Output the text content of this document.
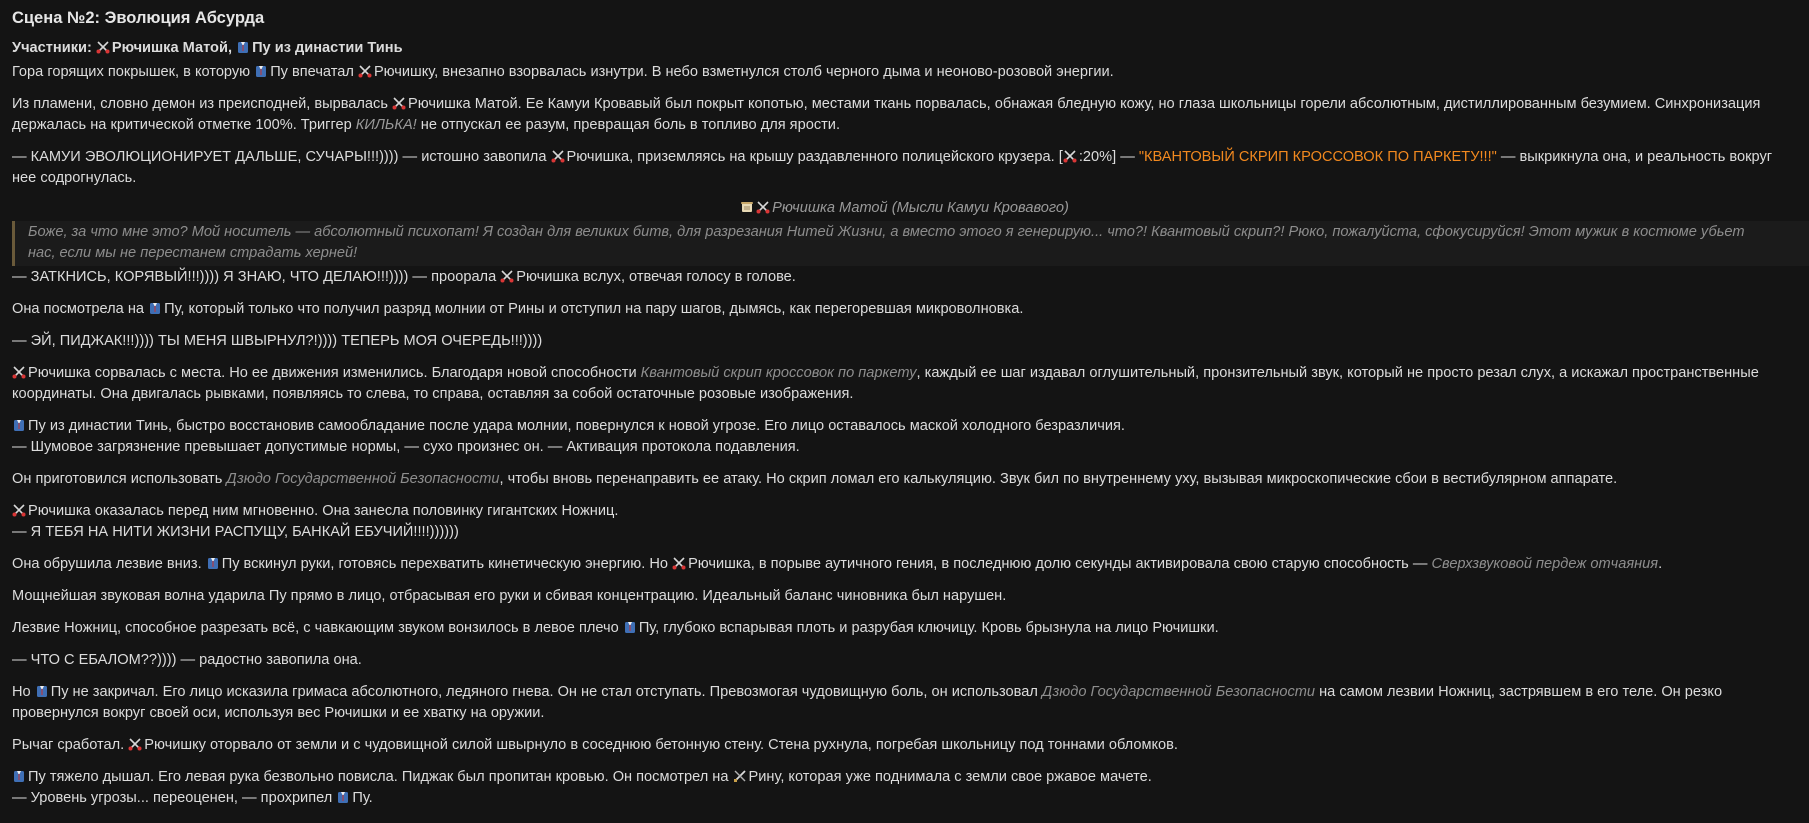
Сцена №2: Эволюция Абсурда

Участники: Рючишка Матой, Пу из династии Тинь

Гора горящих покрышек, в которую Пу впечатал Рючишку, внезапно взорвалась изнутри. В небо взметнулся столб черного дыма и неоново-розовой энергии.

Из пламени, словно демон из преисподней, вырвалась Рючишка Матой. Ее Камуи Кровавый был покрыт копотью, местами ткань порвалась, обнажая бледную кожу, но глаза школьницы горели абсолютным, дистиллированным безумием. Синхронизация держалась на критической отметке 100%. Триггер КИЛЬКА! не отпускал ее разум, превращая боль в топливо для ярости.

— КАМУИ ЭВОЛЮЦИОНИРУЕТ ДАЛЬШЕ, СУЧАРЫ!!!)))) — истошно завопила Рючишка, приземляясь на крышу раздавленного полицейского крузера. [ :20%] — "КВАНТОВЫЙ СКРИП КРОССОВОК ПО ПАРКЕТУ!!!" — выкрикнула она, и реальность вокруг нее содрогнулась.

Рючишка Матой (Мысли Камуи Кровавого)
Боже, за что мне это? Мой носитель — абсолютный психопат! Я создан для великих битв, для разрезания Нитей Жизни, а вместо этого я генерирую... что?! Квантовый скрип?! Рюко, пожалуйста, сфокусируйся! Этот мужик в костюме убьет нас, если мы не перестанем страдать херней!

— ЗАТКНИСЬ, КОРЯВЫЙ!!!)))) Я ЗНАЮ, ЧТО ДЕЛАЮ!!!)))) — проорала Рючишка вслух, отвечая голосу в голове.

Она посмотрела на Пу, который только что получил разряд молнии от Рины и отступил на пару шагов, дымясь, как перегоревшая микроволновка.

— ЭЙ, ПИДЖАК!!!)))) ТЫ МЕНЯ ШВЫРНУЛ?!)))) ТЕПЕРЬ МОЯ ОЧЕРЕДЬ!!!))))

Рючишка сорвалась с места. Но ее движения изменились. Благодаря новой способности Квантовый скрип кроссовок по паркету, каждый ее шаг издавал оглушительный, пронзительный звук, который не просто резал слух, а искажал пространственные координаты. Она двигалась рывками, появляясь то слева, то справа, оставляя за собой остаточные розовые изображения.

Пу из династии Тинь, быстро восстановив самообладание после удара молнии, повернулся к новой угрозе. Его лицо оставалось маской холодного безразличия.

— Шумовое загрязнение превышает допустимые нормы, — сухо произнес он. — Активация протокола подавления.

Он приготовился использовать Дзюдо Государственной Безопасности, чтобы вновь перенаправить ее атаку. Но скрип ломал его калькуляцию. Звук бил по внутреннему уху, вызывая микроскопические сбои в вестибулярном аппарате.

Рючишка оказалась перед ним мгновенно. Она занесла половинку гигантских Ножниц.

— Я ТЕБЯ НА НИТИ ЖИЗНИ РАСПУЩУ, БАНКАЙ ЕБУЧИЙ!!!!))))))

Она обрушила лезвие вниз. Пу вскинул руки, готовясь перехватить кинетическую энергию. Но Рючишка, в порыве аутичного гения, в последнюю долю секунды активировала свою старую способность — Сверхзвуковой пердеж отчаяния.

Мощнейшая звуковая волна ударила Пу прямо в лицо, отбрасывая его руки и сбивая концентрацию. Идеальный баланс чиновника был нарушен.

Лезвие Ножниц, способное разрезать всё, с чавкающим звуком вонзилось в левое плечо Пу, глубоко вспарывая плоть и разрубая ключицу. Кровь брызнула на лицо Рючишки.

— ЧТО С ЕБАЛОМ??)))) — радостно завопила она.

Но Пу не закричал. Его лицо исказила гримаса абсолютного, ледяного гнева. Он не стал отступать. Превозмогая чудовищную боль, он использовал Дзюдо Государственной Безопасности на самом лезвии Ножниц, застрявшем в его теле. Он резко провернулся вокруг своей оси, используя вес Рючишки и ее хватку на оружии.

Рычаг сработал. Рючишку оторвало от земли и с чудовищной силой швырнуло в соседнюю бетонную стену. Стена рухнула, погребая школьницу под тоннами обломков.

Пу тяжело дышал. Его левая рука безвольно повисла. Пиджак был пропитан кровью. Он посмотрел на Рину, которая уже поднимала с земли свое ржавое мачете.

— Уровень угрозы... переоценен, — прохрипел Пу.
